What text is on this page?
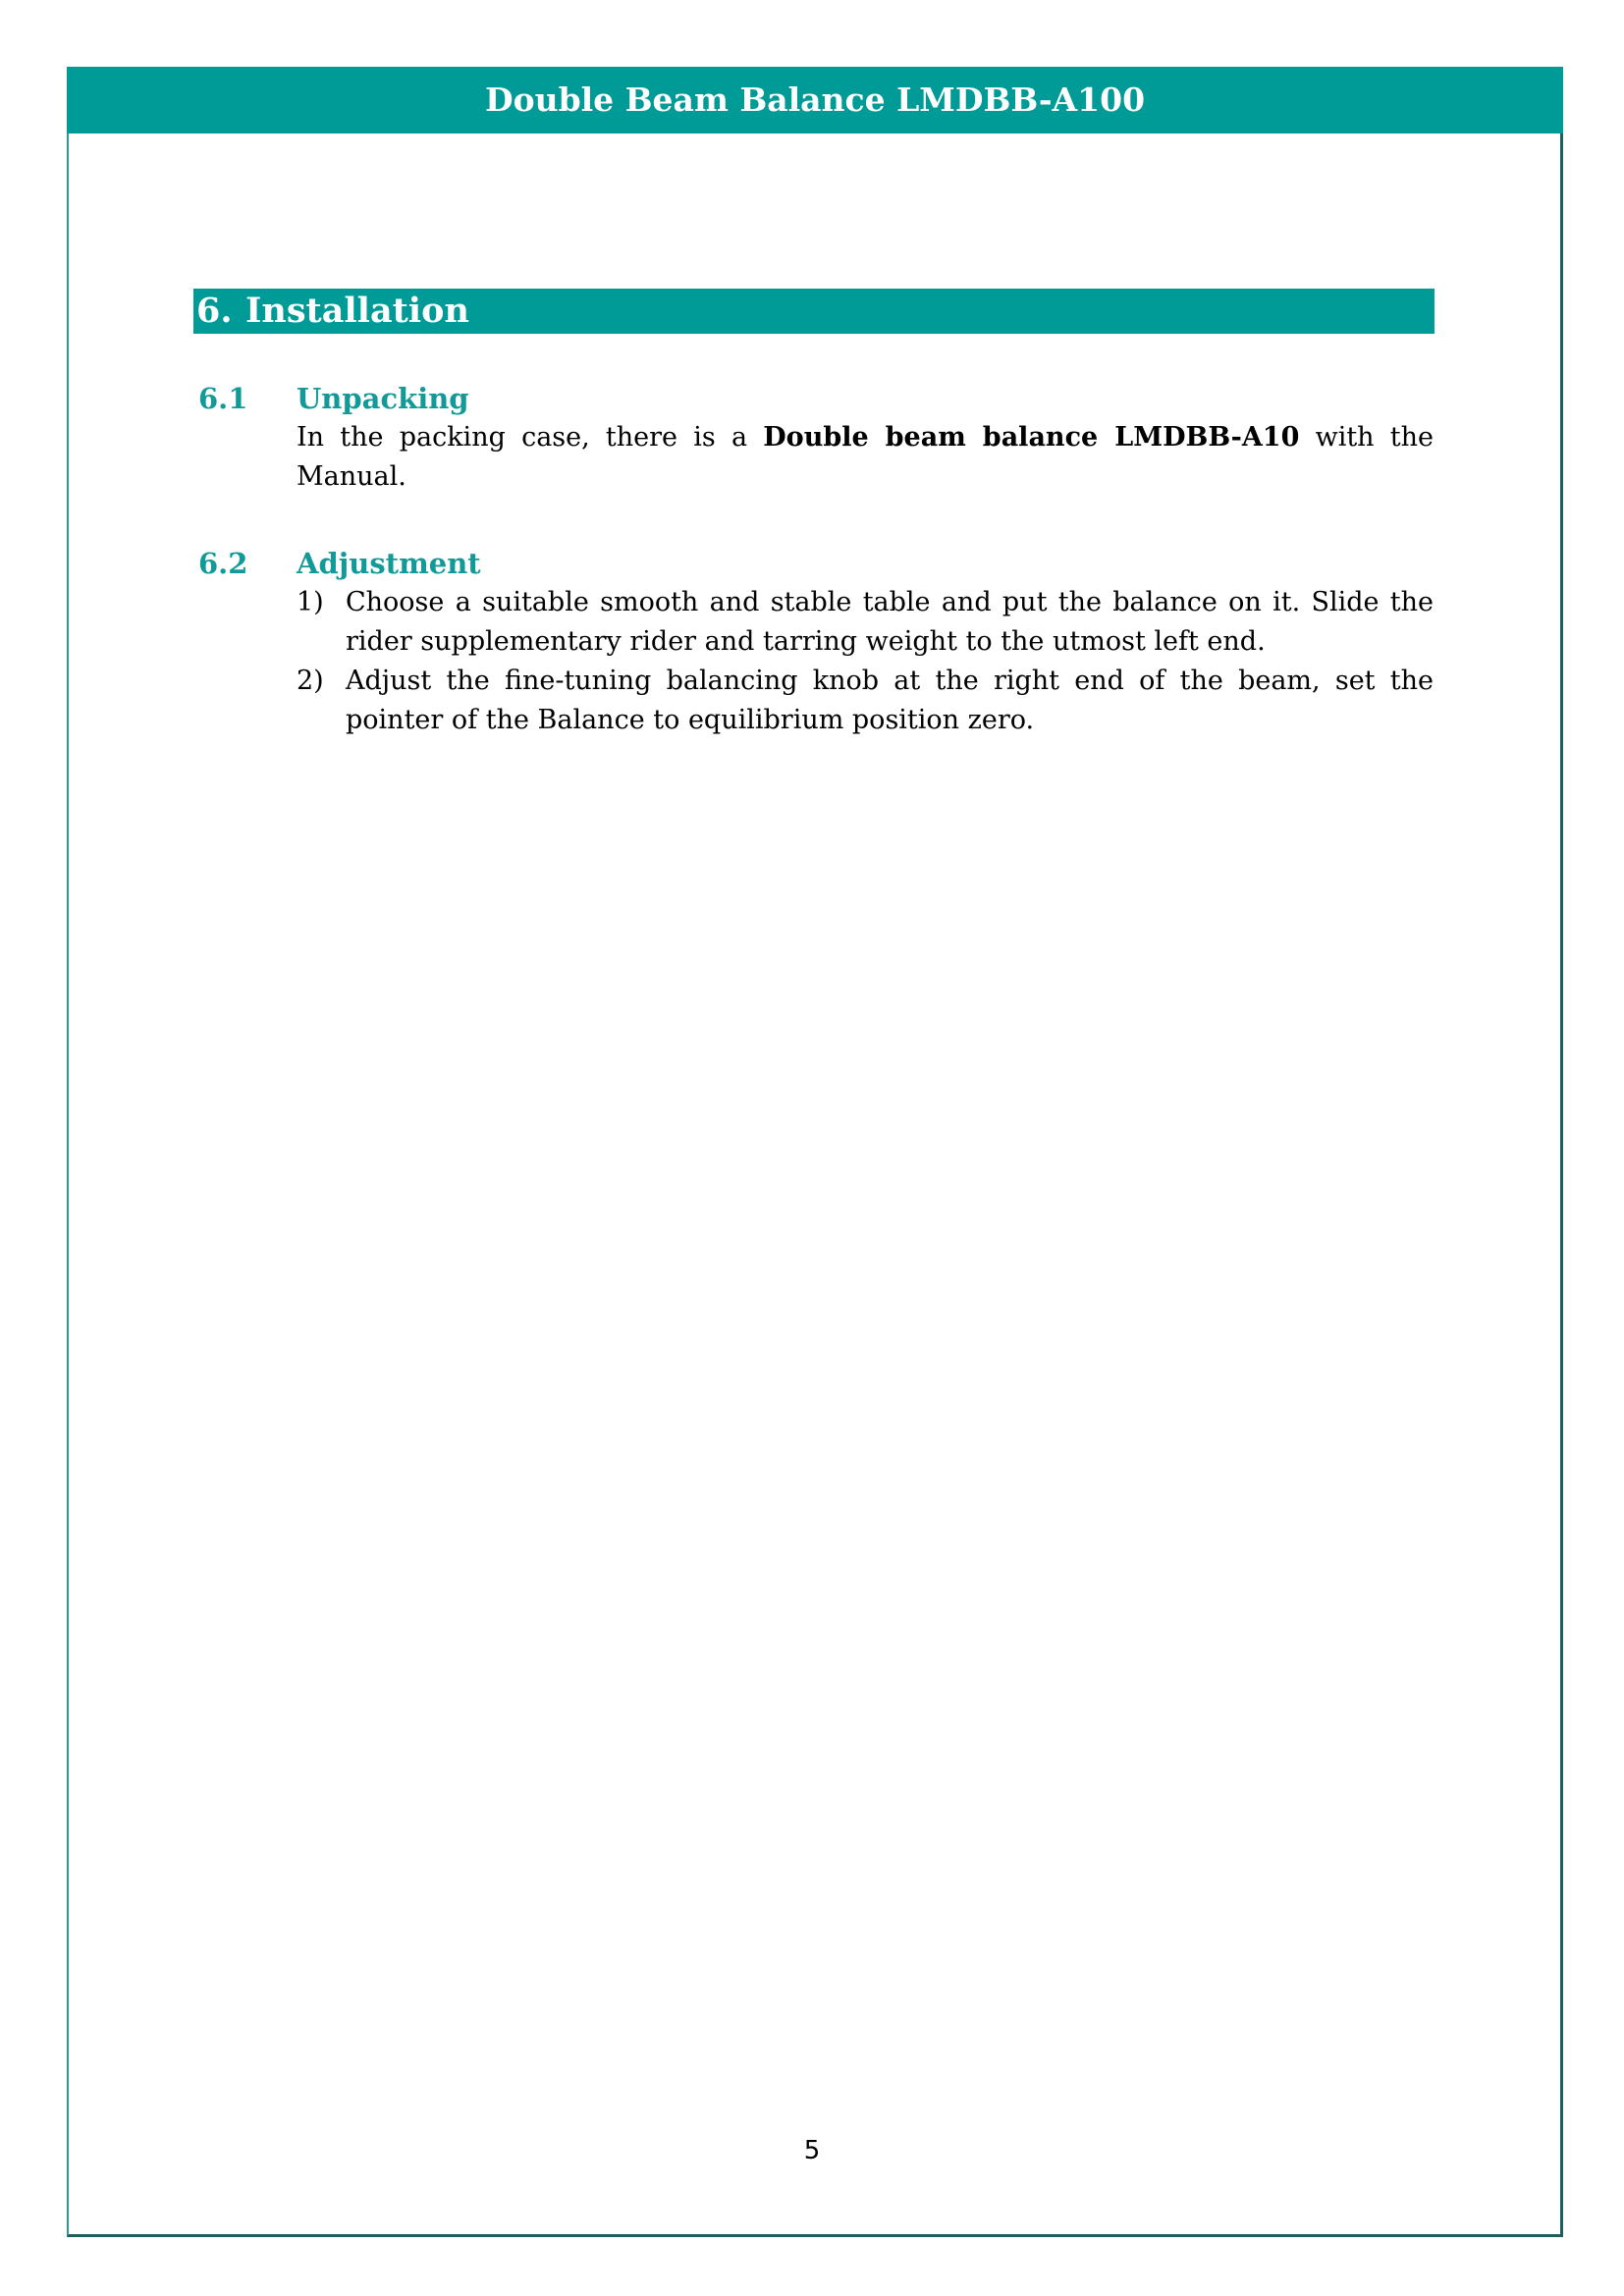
Double Beam Balance LMDBB-A100
6. Installation
6.1 Unpacking
In the packing case, there is a Double beam balance LMDBB-A10 with the Manual.
6.2 Adjustment
1) Choose a suitable smooth and stable table and put the balance on it. Slide the rider supplementary rider and tarring weight to the utmost left end.
2) Adjust the fine-tuning balancing knob at the right end of the beam, set the pointer of the Balance to equilibrium position zero.
5
